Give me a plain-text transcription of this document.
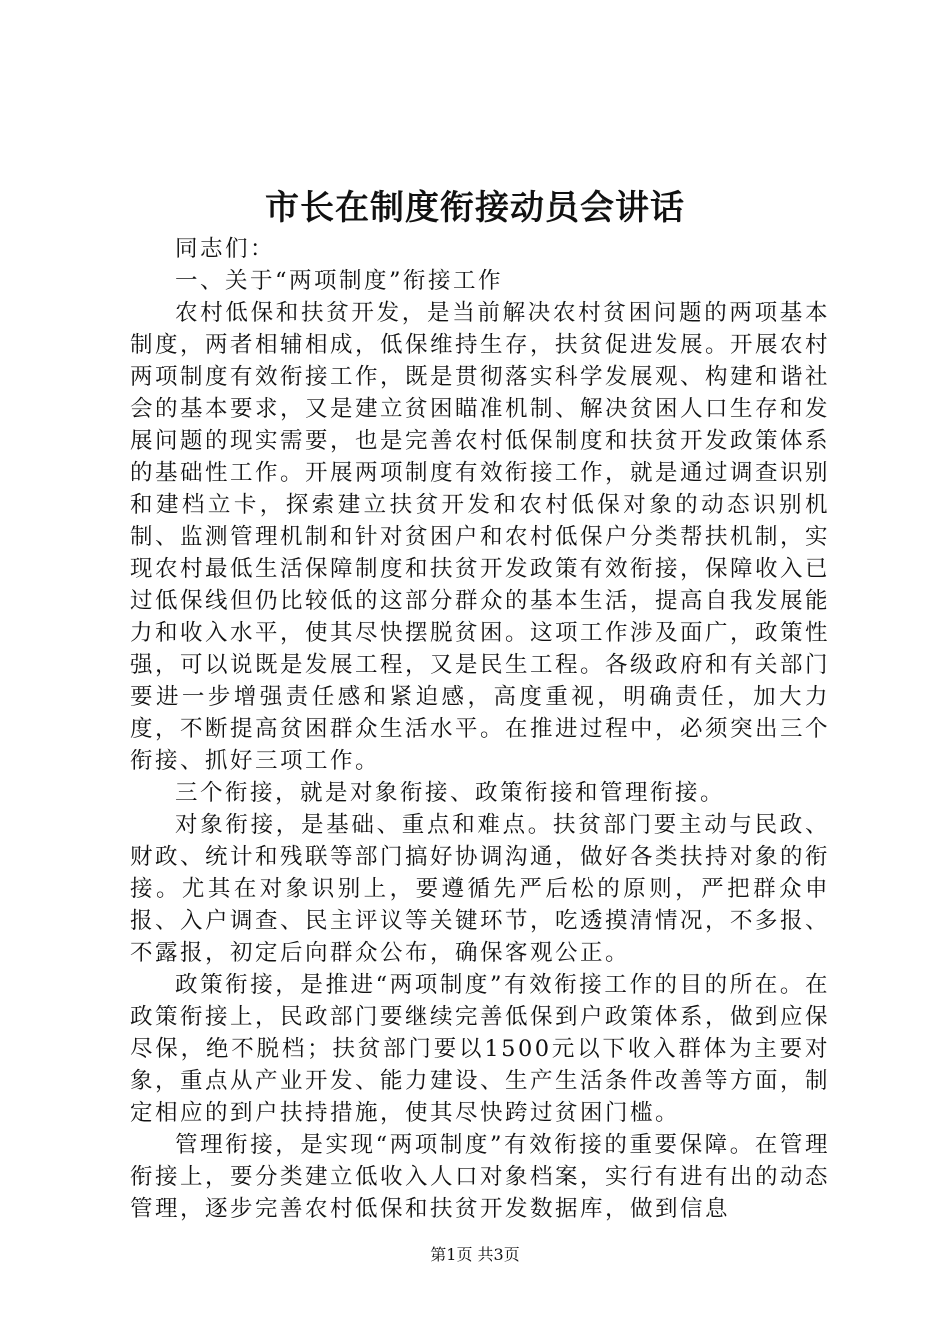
市长在制度衔接动员会讲话

同志们：

一、关于“两项制度”衔接工作

农村低保和扶贫开发，是当前解决农村贫困问题的两项基本制度，两者相辅相成，低保维持生存，扶贫促进发展。开展农村两项制度有效衔接工作，既是贯彻落实科学发展观、构建和谐社会的基本要求，又是建立贫困瞄准机制、解决贫困人口生存和发展问题的现实需要，也是完善农村低保制度和扶贫开发政策体系的基础性工作。开展两项制度有效衔接工作，就是通过调查识别和建档立卡，探索建立扶贫开发和农村低保对象的动态识别机制、监测管理机制和针对贫困户和农村低保户分类帮扶机制，实现农村最低生活保障制度和扶贫开发政策有效衔接，保障收入已过低保线但仍比较低的这部分群众的基本生活，提高自我发展能力和收入水平，使其尽快摆脱贫困。这项工作涉及面广，政策性强，可以说既是发展工程，又是民生工程。各级政府和有关部门要进一步增强责任感和紧迫感，高度重视，明确责任，加大力度，不断提高贫困群众生活水平。在推进过程中，必须突出三个衔接、抓好三项工作。

三个衔接，就是对象衔接、政策衔接和管理衔接。

对象衔接，是基础、重点和难点。扶贫部门要主动与民政、财政、统计和残联等部门搞好协调沟通，做好各类扶持对象的衔接。尤其在对象识别上，要遵循先严后松的原则，严把群众申报、入户调查、民主评议等关键环节，吃透摸清情况，不多报、不露报，初定后向群众公布，确保客观公正。

政策衔接，是推进“两项制度”有效衔接工作的目的所在。在政策衔接上，民政部门要继续完善低保到户政策体系，做到应保尽保，绝不脱档；扶贫部门要以1500元以下收入群体为主要对象，重点从产业开发、能力建设、生产生活条件改善等方面，制定相应的到户扶持措施，使其尽快跨过贫困门槛。

管理衔接，是实现“两项制度”有效衔接的重要保障。在管理衔接上，要分类建立低收入人口对象档案，实行有进有出的动态管理，逐步完善农村低保和扶贫开发数据库，做到信息

第1页 共3页
